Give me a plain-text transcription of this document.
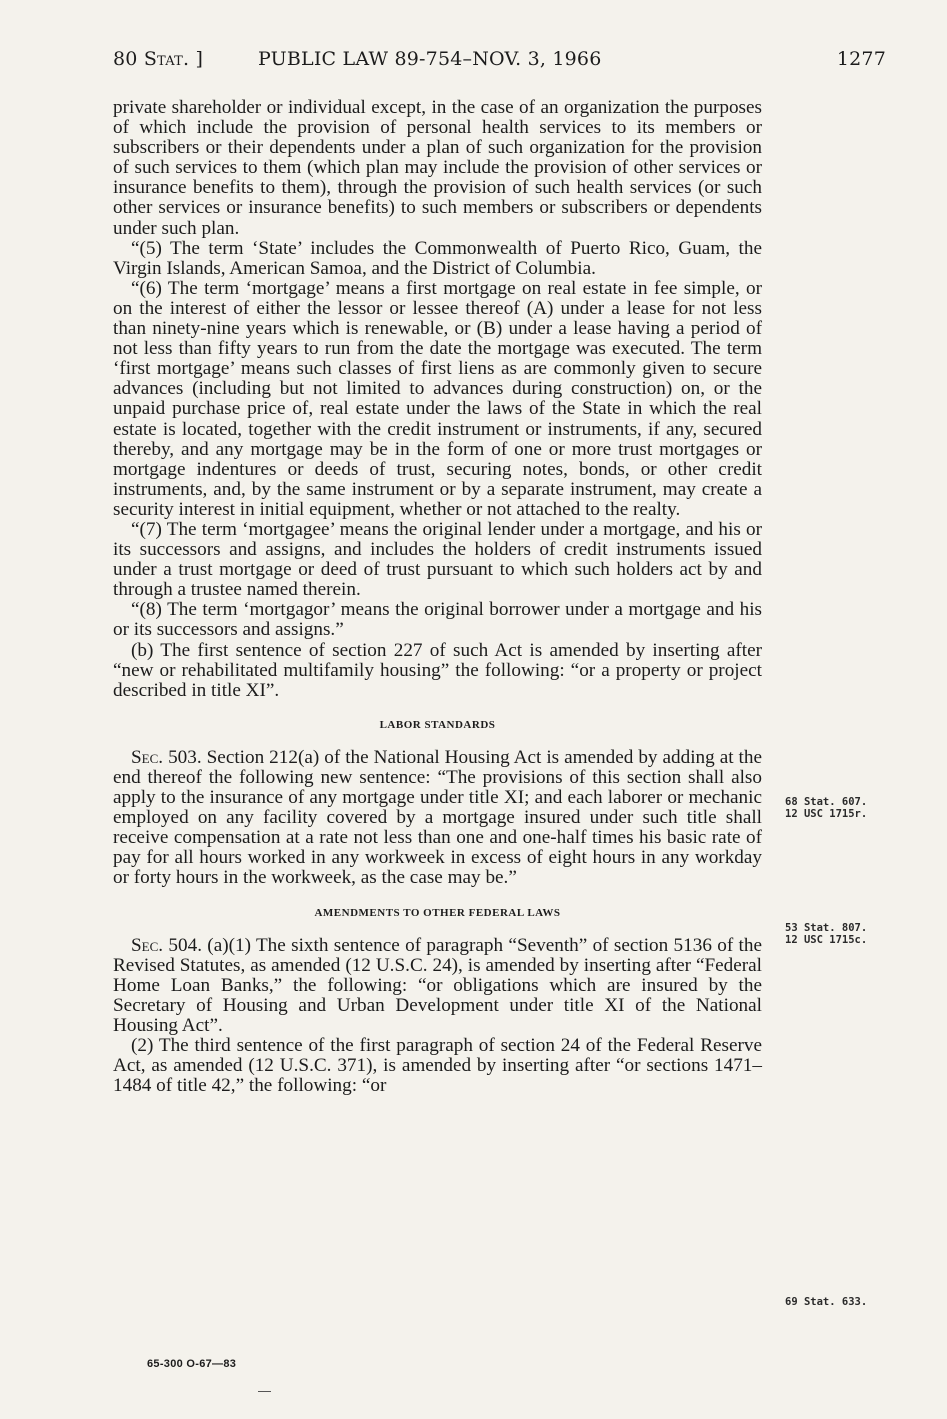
80 Stat. ]	PUBLIC LAW 89-754–NOV. 3, 1966	1277

private shareholder or individual except, in the case of an organization the purposes of which include the provision of personal health services to its members or subscribers or their dependents under a plan of such organization for the provision of such services to them (which plan may include the provision of other services or insurance benefits to them), through the provision of such health services (or such other services or insurance benefits) to such members or subscribers or dependents under such plan.

“(5) The term ‘State’ includes the Commonwealth of Puerto Rico, Guam, the Virgin Islands, American Samoa, and the District of Columbia.

“(6) The term ‘mortgage’ means a first mortgage on real estate in fee simple, or on the interest of either the lessor or lessee thereof (A) under a lease for not less than ninety-nine years which is renewable, or (B) under a lease having a period of not less than fifty years to run from the date the mortgage was executed. The term ‘first mortgage’ means such classes of first liens as are commonly given to secure advances (including but not limited to advances during construction) on, or the unpaid purchase price of, real estate under the laws of the State in which the real estate is located, together with the credit instrument or instruments, if any, secured thereby, and any mortgage may be in the form of one or more trust mortgages or mortgage indentures or deeds of trust, securing notes, bonds, or other credit instruments, and, by the same instrument or by a separate instrument, may create a security interest in initial equipment, whether or not attached to the realty.

“(7) The term ‘mortgagee’ means the original lender under a mortgage, and his or its successors and assigns, and includes the holders of credit instruments issued under a trust mortgage or deed of trust pursuant to which such holders act by and through a trustee named therein.

“(8) The term ‘mortgagor’ means the original borrower under a mortgage and his or its successors and assigns.”

(b) The first sentence of section 227 of such Act is amended by inserting after “new or rehabilitated multifamily housing” the following: “or a property or project described in title XI”.

LABOR STANDARDS

Sec. 503. Section 212(a) of the National Housing Act is amended by adding at the end thereof the following new sentence: “The provisions of this section shall also apply to the insurance of any mortgage under title XI; and each laborer or mechanic employed on any facility covered by a mortgage insured under such title shall receive compensation at a rate not less than one and one-half times his basic rate of pay for all hours worked in any workweek in excess of eight hours in any workday or forty hours in the workweek, as the case may be.”

AMENDMENTS TO OTHER FEDERAL LAWS

Sec. 504. (a)(1) The sixth sentence of paragraph “Seventh” of section 5136 of the Revised Statutes, as amended (12 U.S.C. 24), is amended by inserting after “Federal Home Loan Banks,” the following: “or obligations which are insured by the Secretary of Housing and Urban Development under title XI of the National Housing Act”.

(2) The third sentence of the first paragraph of section 24 of the Federal Reserve Act, as amended (12 U.S.C. 371), is amended by inserting after “or sections 1471–1484 of title 42,” the following: “or

68 Stat. 607.
12 USC 1715r.
53 Stat. 807.
12 USC 1715c.
69 Stat. 633.
65-300 O-67—83
